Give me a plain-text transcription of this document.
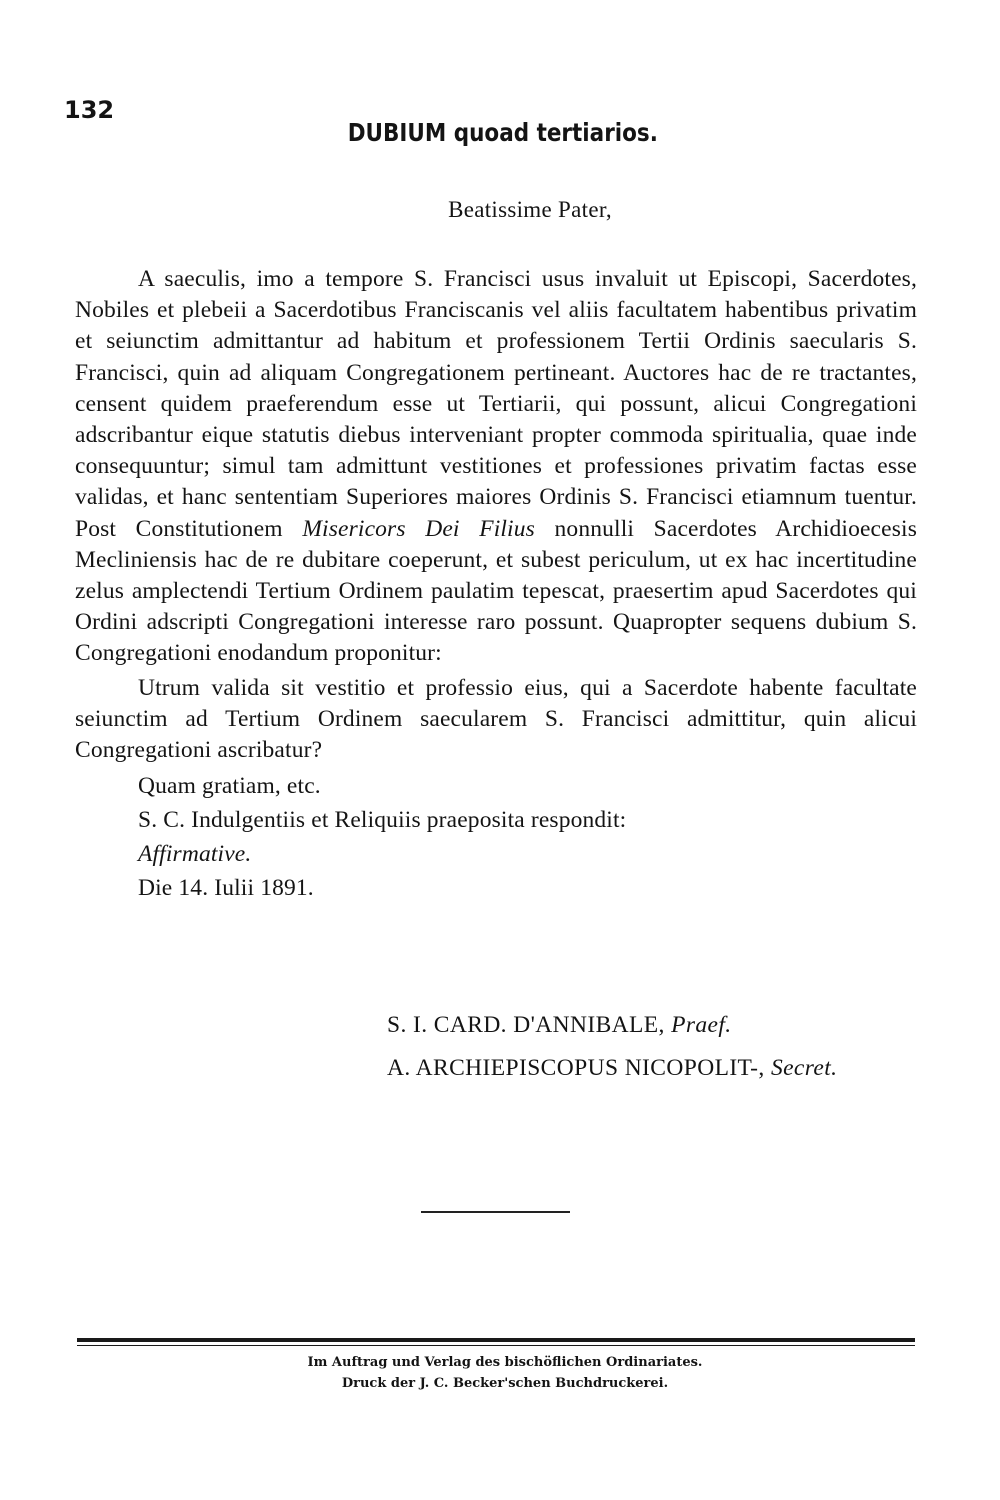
132
DUBIUM quoad tertiarios.
Beatissime Pater,

A saeculis, imo a tempore S. Francisci usus invaluit ut Episcopi, Sacerdotes, Nobiles et plebeii a Sacerdotibus Franciscanis vel aliis facultatem habentibus privatim et seiunctim admittantur ad habitum et professionem Tertii Ordinis saecularis S. Francisci, quin ad aliquam Congregationem pertineant. Auctores hac de re tractantes, censent quidem praeferendum esse ut Tertiarii, qui possunt, alicui Congregationi adscribantur eique statutis diebus interveniant propter commoda spiritualia, quae inde consequuntur; simul tam admittunt vestitiones et professiones privatim factas esse validas, et hanc sententiam Superiores maiores Ordinis S. Francisci etiamnum tuentur. Post Constitutionem Misericors Dei Filius nonnulli Sacerdotes Archidioecesis Mecliniensis hac de re dubitare coeperunt, et subest periculum, ut ex hac incertitudine zelus amplectendi Tertium Ordinem paulatim tepescat, praesertim apud Sacerdotes qui Ordini adscripti Congregationi interesse raro possunt. Quapropter sequens dubium S. Congregationi enodandum proponitur:

Utrum valida sit vestitio et professio eius, qui a Sacerdote habente facultate seiunctim ad Tertium Ordinem saecularem S. Francisci admittitur, quin alicui Congregationi ascribatur?

Quam gratiam, etc.
S. C. Indulgentiis et Reliquiis praeposita respondit:
Affirmative.
Die 14. Iulii 1891.
S. I. CARD. D'ANNIBALE, Praef.
A. ARCHIEPISCOPUS NICOPOLIT-, Secret.
Im Auftrag und Verlag des bischöflichen Ordinariates.
Druck der J. C. Becker'schen Buchdruckerei.
